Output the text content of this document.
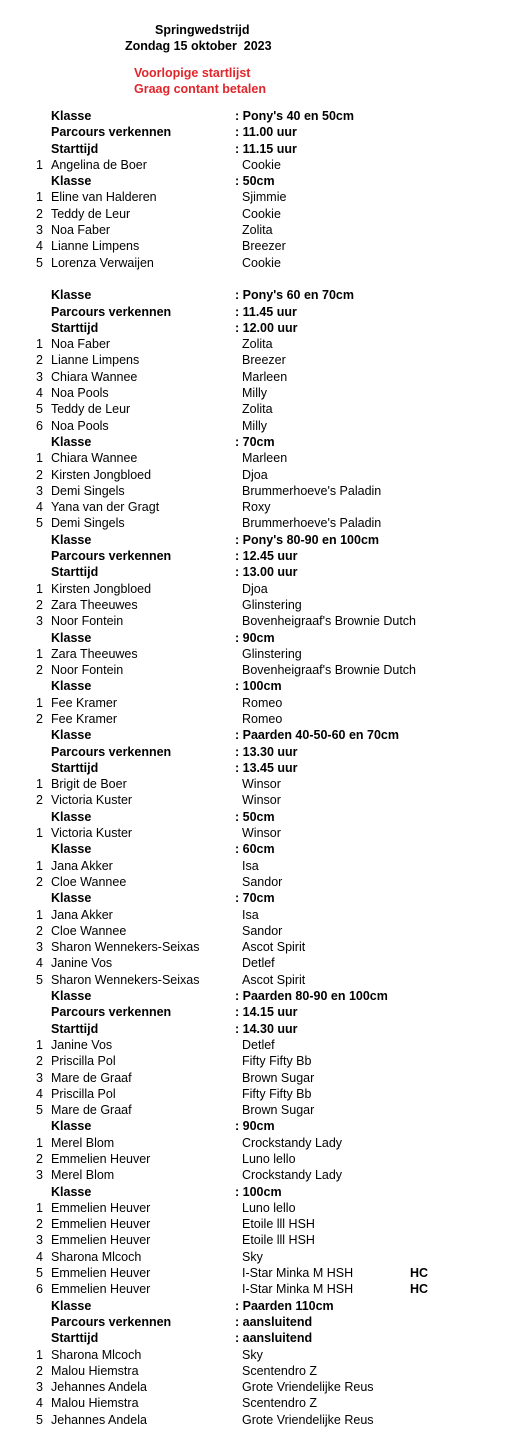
Springwedstrijd
Zondag 15 oktober  2023
Voorlopige startlijst
Graag contant betalen
Klasse	: Pony's 40 en 50cm
Parcours verkennen	: 11.00 uur
Starttijd	: 11.15 uur
1 Angelina de Boer	Cookie
Klasse	: 50cm
1 Eline van Halderen	Sjimmie
2 Teddy de Leur	Cookie
3 Noa Faber	Zolita
4 Lianne Limpens	Breezer
5 Lorenza Verwaijen	Cookie
Klasse	: Pony's 60 en 70cm
Parcours verkennen	: 11.45 uur
Starttijd	: 12.00 uur
1 Noa Faber	Zolita
2 Lianne Limpens	Breezer
3 Chiara Wannee	Marleen
4 Noa Pools	Milly
5 Teddy de Leur	Zolita
6 Noa Pools	Milly
Klasse	: 70cm
1 Chiara Wannee	Marleen
2 Kirsten Jongbloed	Djoa
3 Demi Singels	Brummerhoeve's Paladin
4 Yana van der Gragt	Roxy
5 Demi Singels	Brummerhoeve's Paladin
Klasse	: Pony's 80-90 en 100cm
Parcours verkennen	: 12.45 uur
Starttijd	: 13.00 uur
1 Kirsten Jongbloed	Djoa
2 Zara Theeuwes	Glinstering
3 Noor Fontein	Bovenheigraaf's Brownie Dutch
Klasse	: 90cm
1 Zara Theeuwes	Glinstering
2 Noor Fontein	Bovenheigraaf's Brownie Dutch
Klasse	: 100cm
1 Fee Kramer	Romeo
2 Fee Kramer	Romeo
Klasse	: Paarden 40-50-60 en 70cm
Parcours verkennen	: 13.30 uur
Starttijd	: 13.45 uur
1 Brigit de Boer	Winsor
2 Victoria Kuster	Winsor
Klasse	: 50cm
1 Victoria Kuster	Winsor
Klasse	: 60cm
1 Jana Akker	Isa
2 Cloe Wannee	Sandor
Klasse	: 70cm
1 Jana Akker	Isa
2 Cloe Wannee	Sandor
3 Sharon Wennekers-Seixas	Ascot Spirit
4 Janine Vos	Detlef
5 Sharon Wennekers-Seixas	Ascot Spirit
Klasse	: Paarden 80-90 en 100cm
Parcours verkennen	: 14.15 uur
Starttijd	: 14.30 uur
1 Janine Vos	Detlef
2 Priscilla Pol	Fifty Fifty Bb
3 Mare de Graaf	Brown Sugar
4 Priscilla Pol	Fifty Fifty Bb
5 Mare de Graaf	Brown Sugar
Klasse	: 90cm
1 Merel Blom	Crockstandy Lady
2 Emmelien Heuver	Luno lello
3 Merel Blom	Crockstandy Lady
Klasse	: 100cm
1 Emmelien Heuver	Luno lello
2 Emmelien Heuver	Etoile lll HSH
3 Emmelien Heuver	Etoile lll HSH
4 Sharona Mlcoch	Sky
5 Emmelien Heuver	I-Star Minka M HSH	HC
6 Emmelien Heuver	I-Star Minka M HSH	HC
Klasse	: Paarden 110cm
Parcours verkennen	: aansluitend
Starttijd	: aansluitend
1 Sharona Mlcoch	Sky
2 Malou Hiemstra	Scentendro Z
3 Jehannes Andela	Grote Vriendelijke Reus
4 Malou Hiemstra	Scentendro Z
5 Jehannes Andela	Grote Vriendelijke Reus
